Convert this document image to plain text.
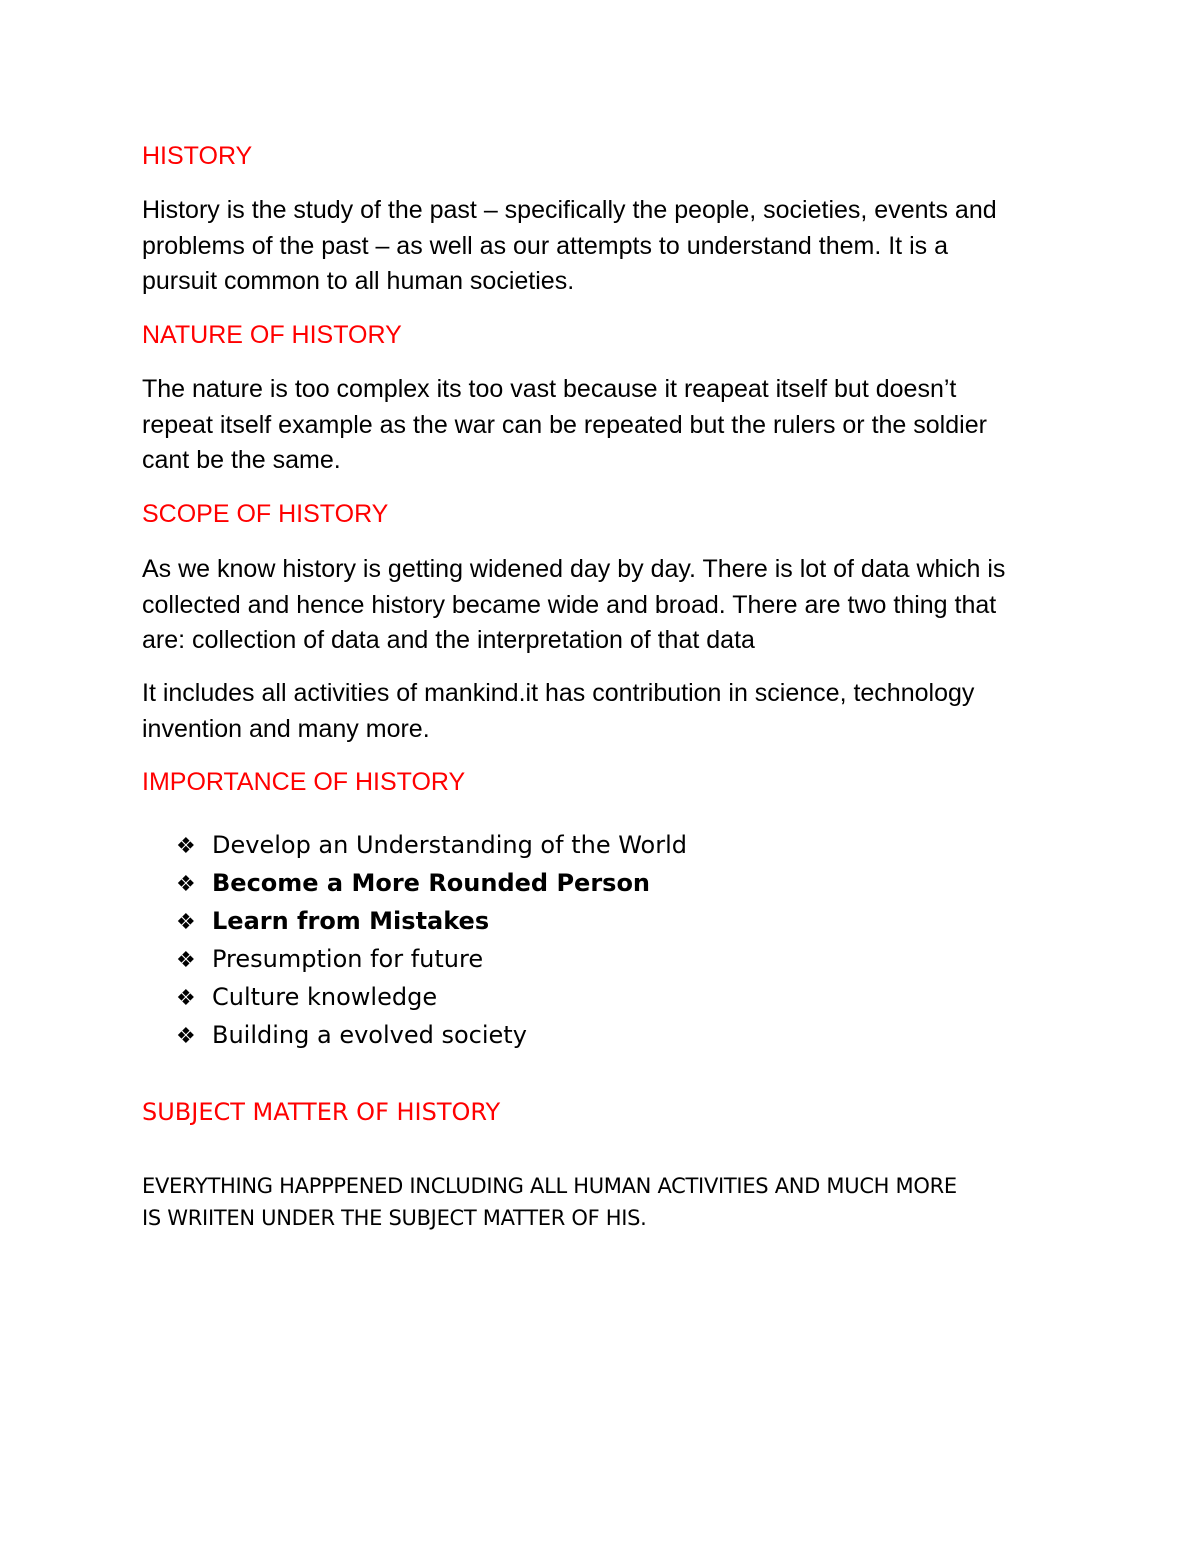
HISTORY

History is the study of the past – specifically the people, societies, events and
problems of the past – as well as our attempts to understand them. It is a
pursuit common to all human societies.

NATURE OF HISTORY

The nature is too complex its too vast because it reapeat itself but doesn’t
repeat itself example as the war can be repeated but the rulers or the soldier
cant be the same.

SCOPE OF HISTORY

As we know history is getting widened day by day. There is lot of data which is
collected and hence history became wide and broad. There are two thing that
are: collection of data and the interpretation of that data
It includes all activities of mankind.it has contribution in science, technology
invention and many more.

IMPORTANCE OF HISTORY

❖ Develop an Understanding of the World
❖ Become a More Rounded Person
❖ Learn from Mistakes
❖ Presumption for future
❖ Culture knowledge
❖ Building a evolved society

SUBJECT MATTER OF HISTORY

EVERYTHING HAPPPENED INCLUDING ALL HUMAN ACTIVITIES AND MUCH MORE
IS WRIITEN UNDER THE SUBJECT MATTER OF HIS.
